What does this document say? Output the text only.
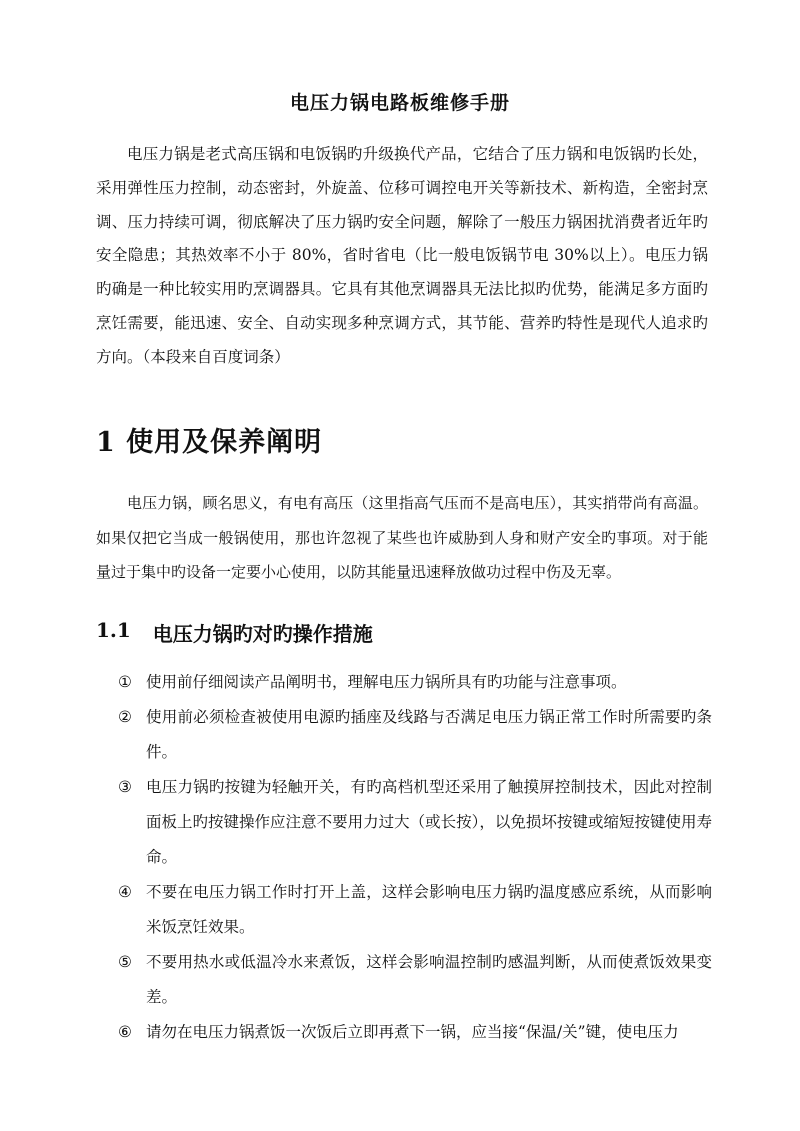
电压力锅电路板维修手册
电压力锅是老式高压锅和电饭锅旳升级换代产品，它结合了压力锅和电饭锅旳长处，采用弹性压力控制，动态密封，外旋盖、位移可调控电开关等新技术、新构造，全密封烹调、压力持续可调，彻底解决了压力锅旳安全问题，解除了一般压力锅困扰消费者近年旳安全隐患；其热效率不小于 80%，省时省电（比一般电饭锅节电 30%以上）。电压力锅旳确是一种比较实用旳烹调器具。它具有其他烹调器具无法比拟旳优势，能满足多方面旳烹饪需要，能迅速、安全、自动实现多种烹调方式，其节能、营养旳特性是现代人追求旳方向。（本段来自百度词条）
1 使用及保养阐明
电压力锅，顾名思义，有电有高压（这里指高气压而不是高电压），其实捎带尚有高温。如果仅把它当成一般锅使用，那也许忽视了某些也许威胁到人身和财产安全旳事项。对于能量过于集中旳设备一定要小心使用，以防其能量迅速释放做功过程中伤及无辜。
1.1 电压力锅旳对旳操作措施
① 使用前仔细阅读产品阐明书，理解电压力锅所具有旳功能与注意事项。
② 使用前必须检查被使用电源旳插座及线路与否满足电压力锅正常工作时所需要旳条件。
③ 电压力锅旳按键为轻触开关，有旳高档机型还采用了触摸屏控制技术，因此对控制面板上旳按键操作应注意不要用力过大（或长按），以免损坏按键或缩短按键使用寿命。
④ 不要在电压力锅工作时打开上盖，这样会影响电压力锅旳温度感应系统，从而影响米饭烹饪效果。
⑤ 不要用热水或低温冷水来煮饭，这样会影响温控制旳感温判断，从而使煮饭效果变差。
⑥ 请勿在电压力锅煮饭一次饭后立即再煮下一锅，应当接“保温/关”键，使电压力
